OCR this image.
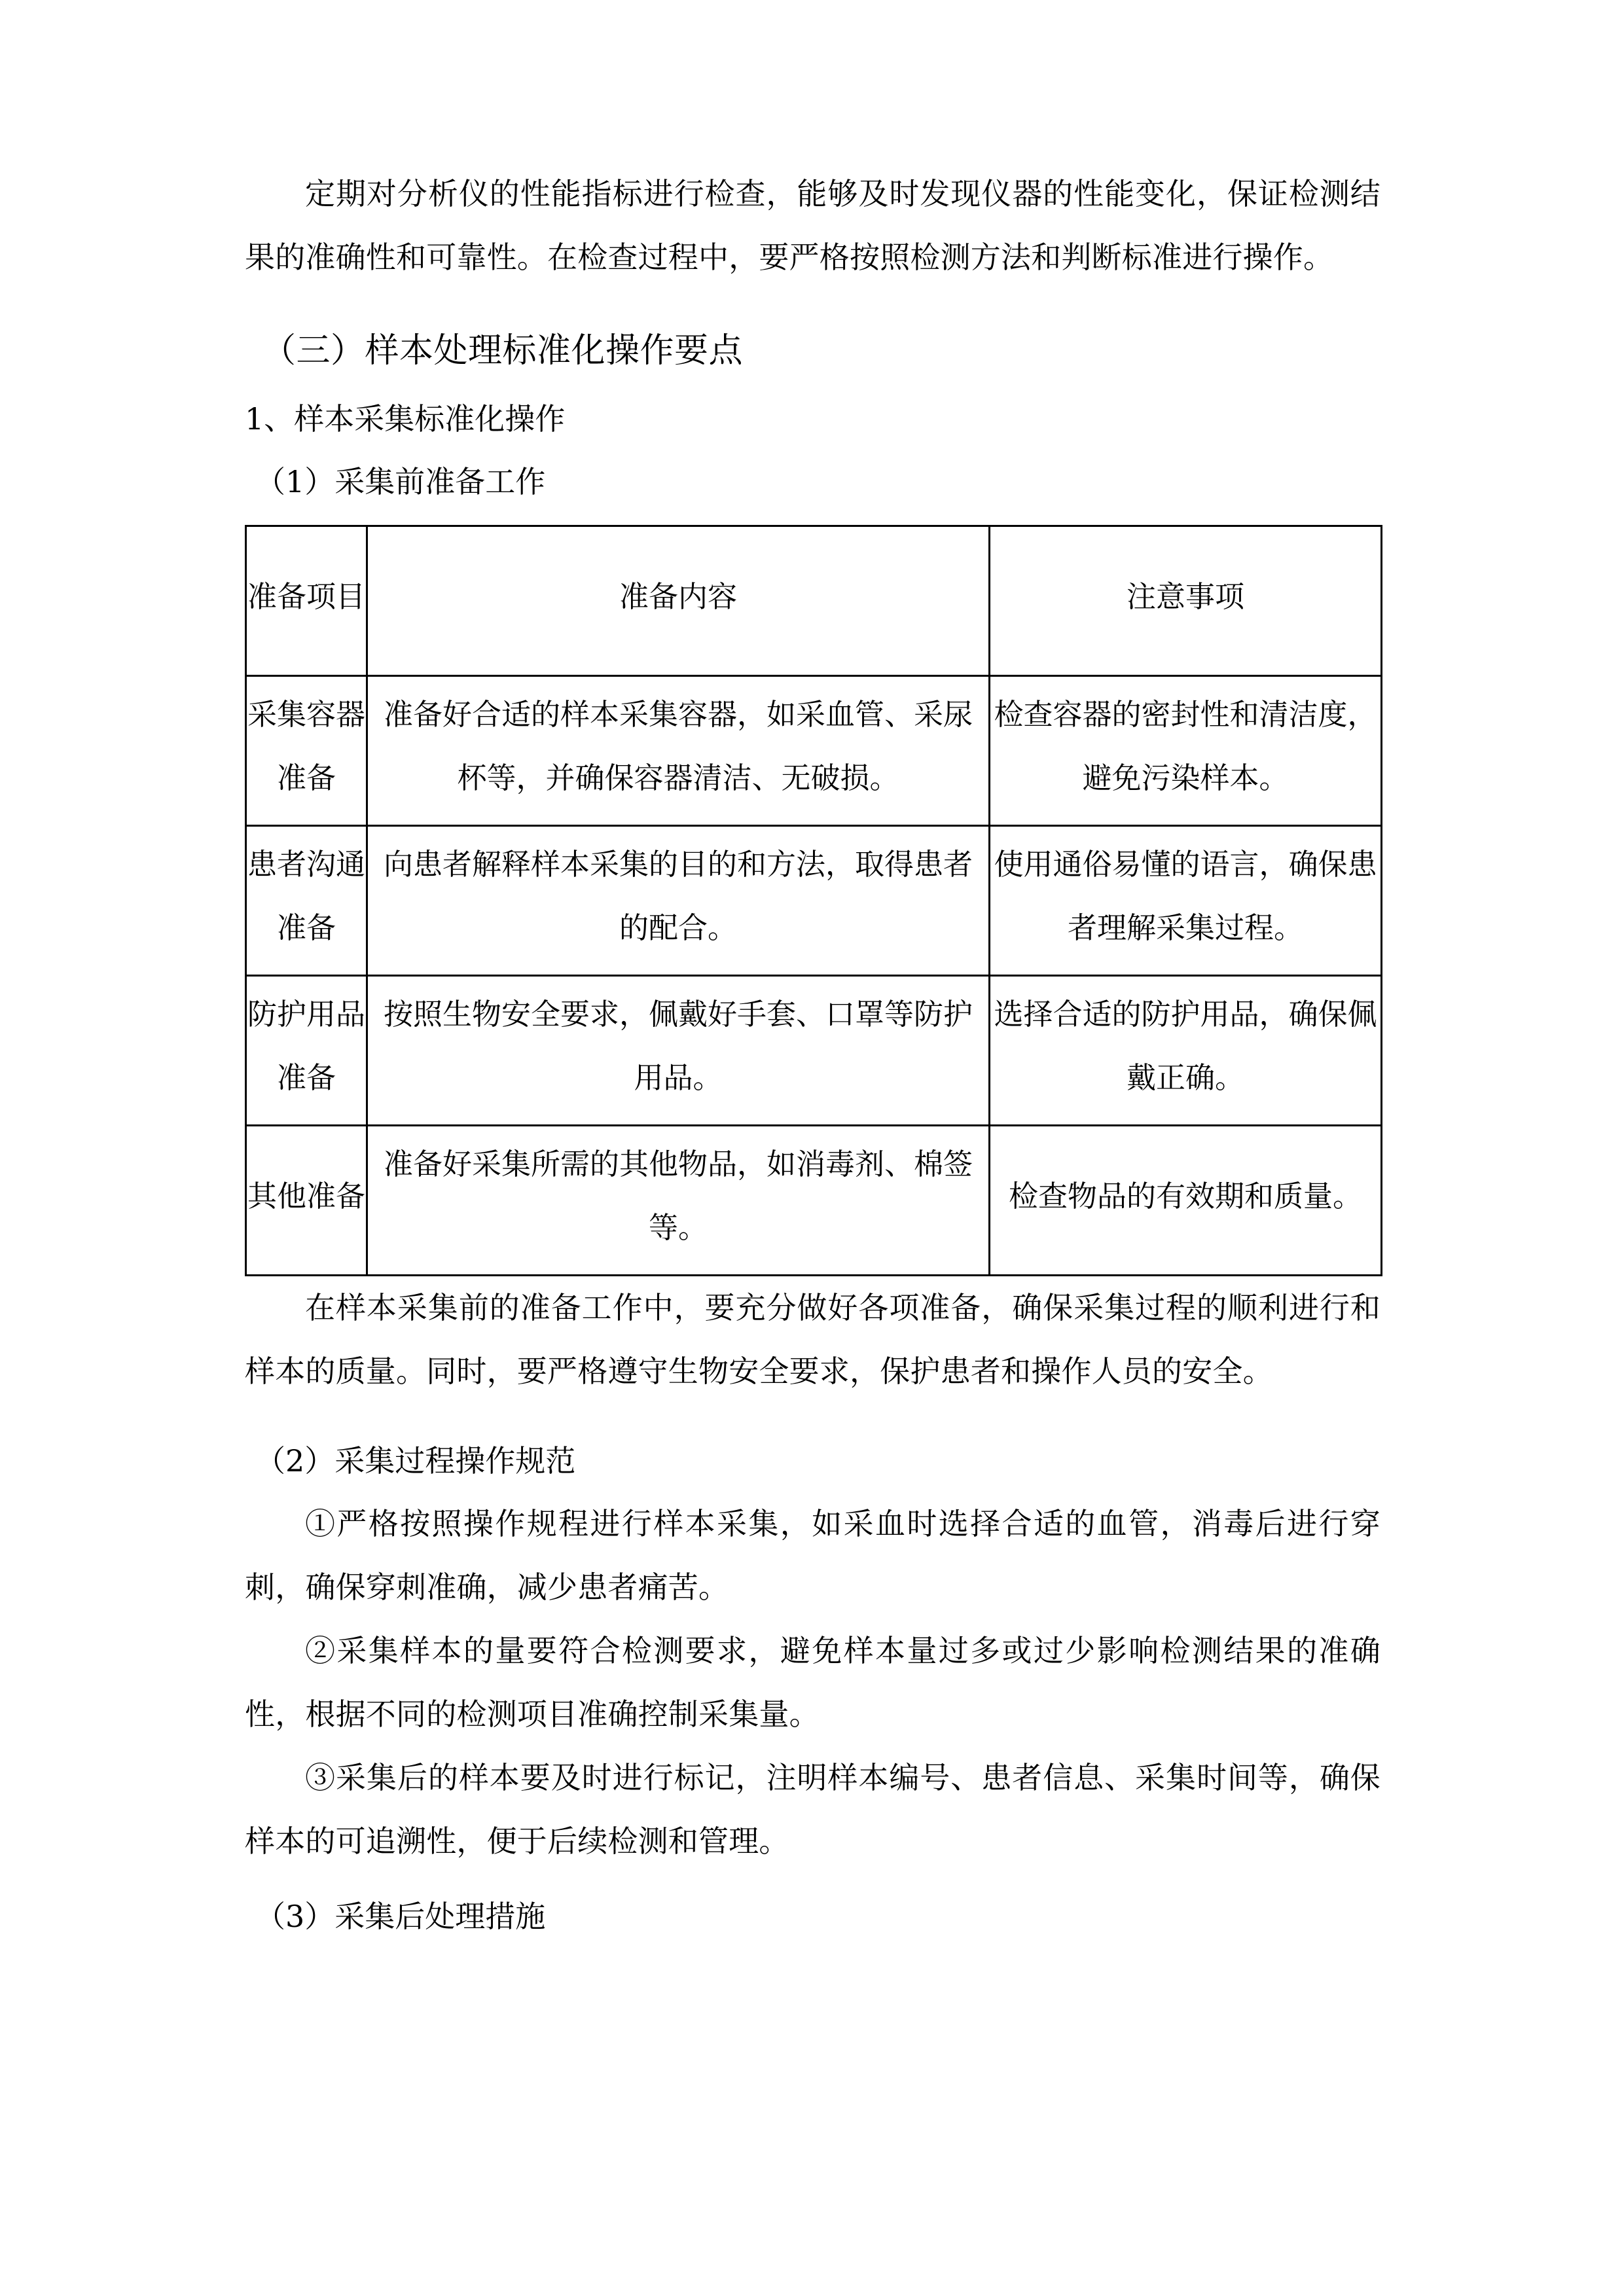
定期对分析仪的性能指标进行检查，能够及时发现仪器的性能变化，保证检测结果的准确性和可靠性。在检查过程中，要严格按照检测方法和判断标准进行操作。

（三）样本处理标准化操作要点
1、样本采集标准化操作
（1）采集前准备工作
准备项目	准备内容	注意事项
采集容器准备	准备好合适的样本采集容器，如采血管、采尿杯等，并确保容器清洁、无破损。	检查容器的密封性和清洁度，避免污染样本。
患者沟通准备	向患者解释样本采集的目的和方法，取得患者的配合。	使用通俗易懂的语言，确保患者理解采集过程。
防护用品准备	按照生物安全要求，佩戴好手套、口罩等防护用品。	选择合适的防护用品，确保佩戴正确。
其他准备	准备好采集所需的其他物品，如消毒剂、棉签等。	检查物品的有效期和质量。

在样本采集前的准备工作中，要充分做好各项准备，确保采集过程的顺利进行和样本的质量。同时，要严格遵守生物安全要求，保护患者和操作人员的安全。

（2）采集过程操作规范

①严格按照操作规程进行样本采集，如采血时选择合适的血管，消毒后进行穿刺，确保穿刺准确，减少患者痛苦。

②采集样本的量要符合检测要求，避免样本量过多或过少影响检测结果的准确性，根据不同的检测项目准确控制采集量。

③采集后的样本要及时进行标记，注明样本编号、患者信息、采集时间等，确保样本的可追溯性，便于后续检测和管理。

（3）采集后处理措施
